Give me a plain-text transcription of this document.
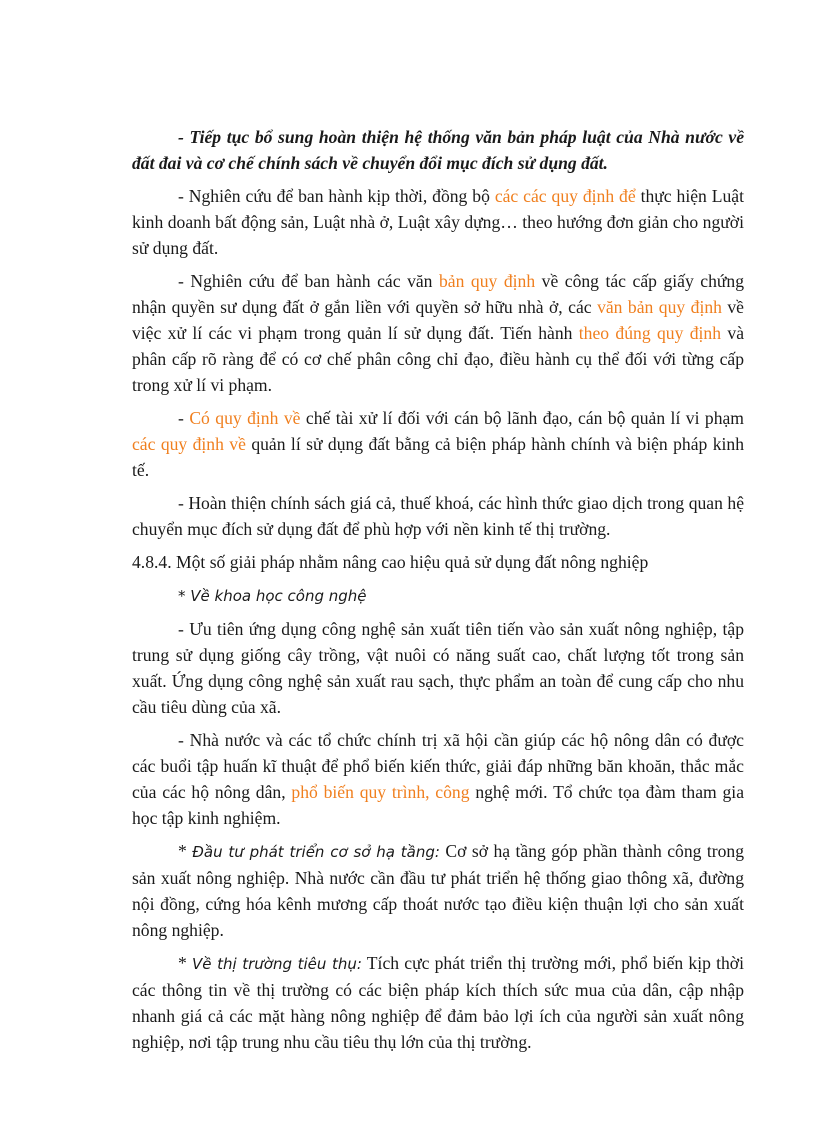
- Tiếp tục bổ sung hoàn thiện hệ thống văn bản pháp luật của Nhà nước về đất đai và cơ chế chính sách về chuyển đổi mục đích sử dụng đất.

- Nghiên cứu để ban hành kịp thời, đồng bộ các các quy định để thực hiện Luật kinh doanh bất động sản, Luật nhà ở, Luật xây dựng… theo hướng đơn giản cho người sử dụng đất.

- Nghiên cứu để ban hành các văn bản quy định về công tác cấp giấy chứng nhận quyền sư dụng đất ở gắn liền với quyền sở hữu nhà ở, các văn bản quy định về việc xử lí các vi phạm trong quản lí sử dụng đất. Tiến hành theo đúng quy định và phân cấp rõ ràng để có cơ chế phân công chỉ đạo, điều hành cụ thể đối với từng cấp trong xử lí vi phạm.

- Có quy định về chế tài xử lí đối với cán bộ lãnh đạo, cán bộ quản lí vi phạm các quy định về quản lí sử dụng đất bằng cả biện pháp hành chính và biện pháp kinh tế.

- Hoàn thiện chính sách giá cả, thuế khoá, các hình thức giao dịch trong quan hệ chuyển mục đích sử dụng đất để phù hợp với nền kinh tế thị trường.

4.8.4. Một số giải pháp nhằm nâng cao hiệu quả sử dụng đất nông nghiệp

* Về khoa học công nghệ

- Ưu tiên ứng dụng công nghệ sản xuất tiên tiến vào sản xuất nông nghiệp, tập trung sử dụng giống cây trồng, vật nuôi có năng suất cao, chất lượng tốt trong sản xuất. Ứng dụng công nghệ sản xuất rau sạch, thực phẩm an toàn để cung cấp cho nhu cầu tiêu dùng của xã.

- Nhà nước và các tổ chức chính trị xã hội cần giúp các hộ nông dân có được các buổi tập huấn kĩ thuật để phổ biến kiến thức, giải đáp những băn khoăn, thắc mắc của các hộ nông dân, phổ biến quy trình, công nghệ mới. Tổ chức tọa đàm tham gia học tập kinh nghiệm.

* Đầu tư phát triển cơ sở hạ tầng: Cơ sở hạ tầng góp phần thành công trong sản xuất nông nghiệp. Nhà nước cần đầu tư phát triển hệ thống giao thông xã, đường nội đồng, cứng hóa kênh mương cấp thoát nước tạo điều kiện thuận lợi cho sản xuất nông nghiệp.

* Về thị trường tiêu thụ: Tích cực phát triển thị trường mới, phổ biến kịp thời các thông tin về thị trường có các biện pháp kích thích sức mua của dân, cập nhập nhanh giá cả các mặt hàng nông nghiệp để đảm bảo lợi ích của người sản xuất nông nghiệp, nơi tập trung nhu cầu tiêu thụ lớn của thị trường.
